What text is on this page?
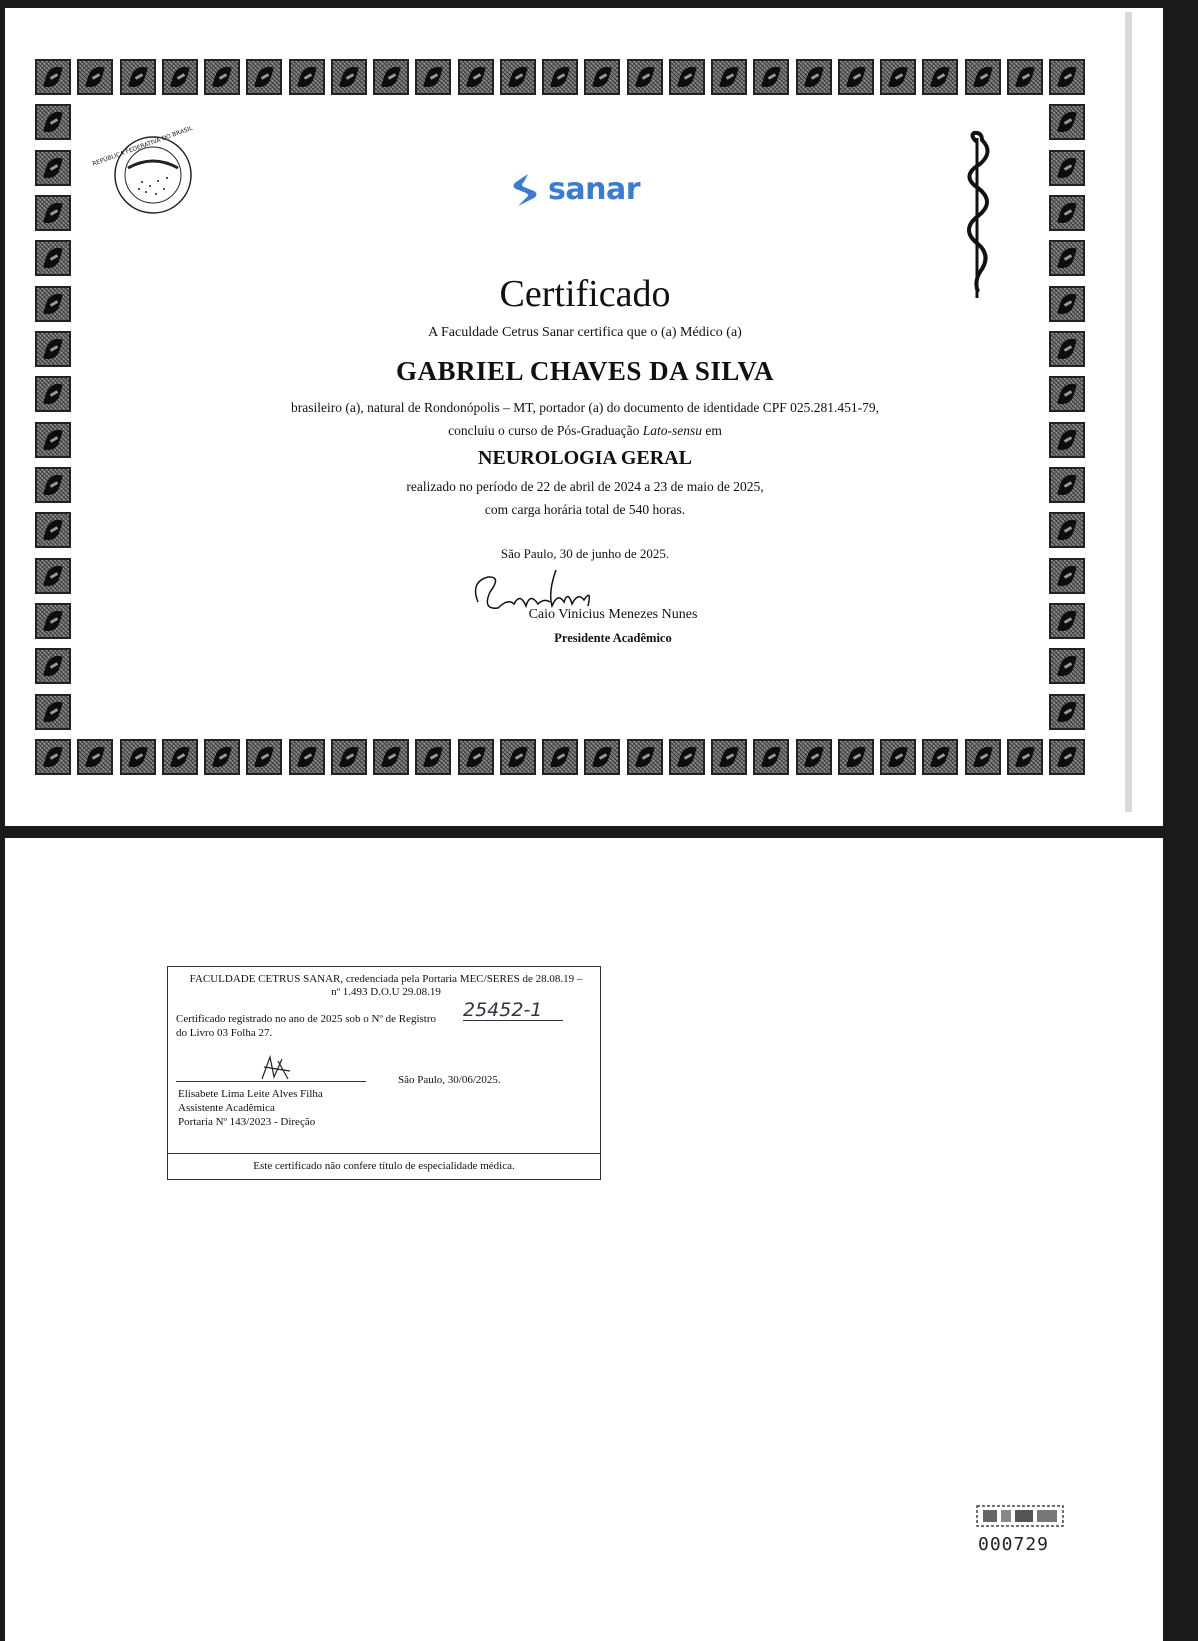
REPÚBLICA FEDERATIVA DO BRASIL
sanar
Certificado
A Faculdade Cetrus Sanar certifica que o (a) Médico (a)
GABRIEL CHAVES DA SILVA
brasileiro (a), natural de Rondonópolis – MT, portador (a) do documento de identidade CPF 025.281.451-79,
concluiu o curso de Pós-Graduação Lato-sensu em
NEUROLOGIA GERAL
realizado no período de 22 de abril de 2024 a 23 de maio de 2025,
com carga horária total de 540 horas.
São Paulo, 30 de junho de 2025.
Caio Vinicius Menezes Nunes
Presidente Acadêmico
FACULDADE CETRUS SANAR, credenciada pela Portaria MEC/SERES de 28.08.19 –
nº 1.493 D.O.U 29.08.19
Certificado registrado no ano de 2025 sob o Nº de Registro 25452-1
do Livro 03 Folha 27.
São Paulo, 30/06/2025.
Elisabete Lima Leite Alves Filha
Assistente Acadêmica
Portaria Nº 143/2023 - Direção
Este certificado não confere título de especialidade médica.
000729
